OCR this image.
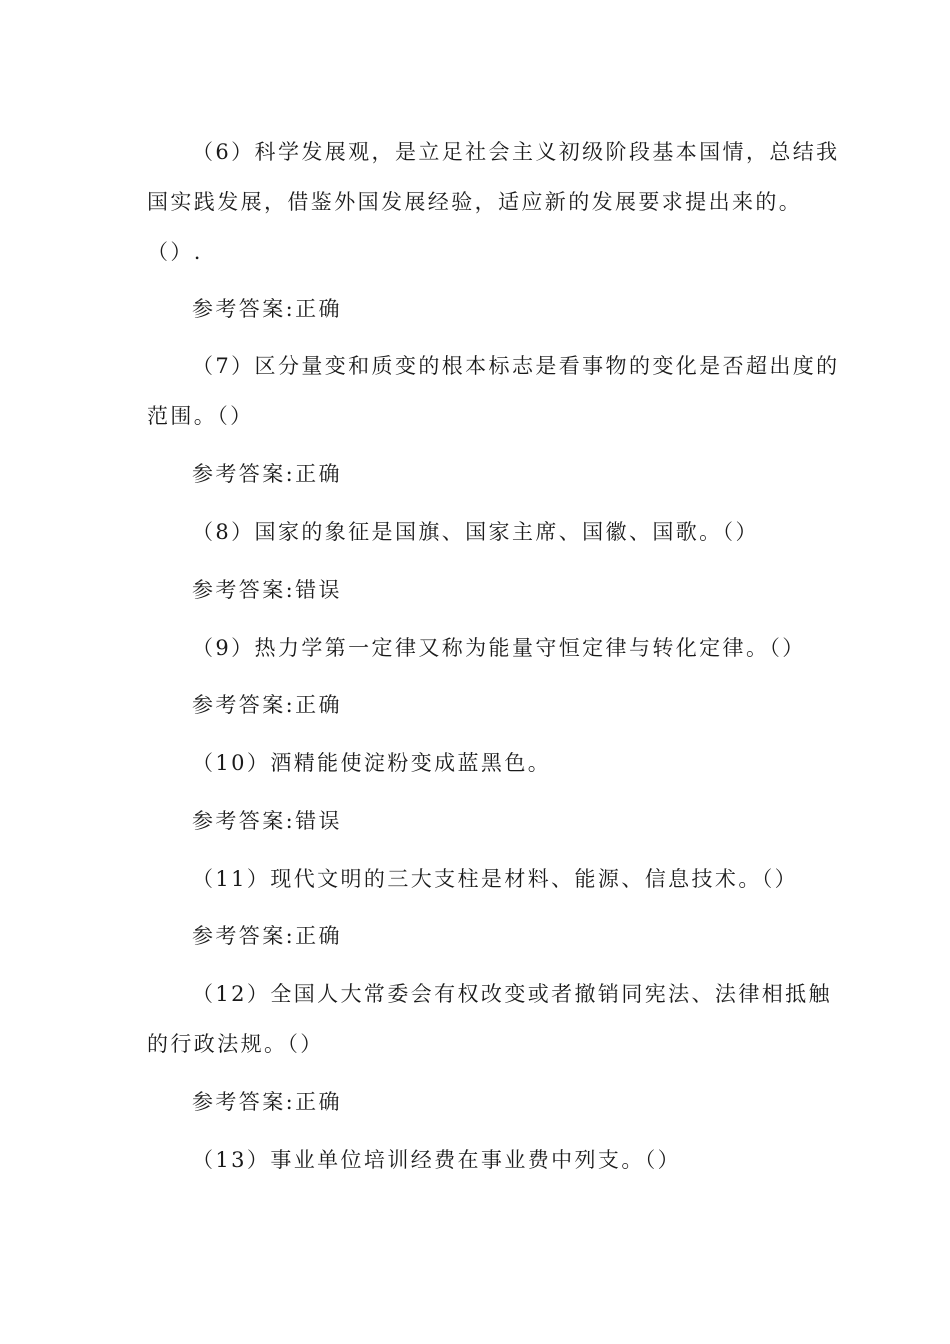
（6）科学发展观，是立足社会主义初级阶段基本国情，总结我
国实践发展，借鉴外国发展经验，适应新的发展要求提出来的。
（）.
参考答案:正确
（7）区分量变和质变的根本标志是看事物的变化是否超出度的
范围。（）
参考答案:正确
（8）国家的象征是国旗、国家主席、国徽、国歌。（）
参考答案:错误
（9）热力学第一定律又称为能量守恒定律与转化定律。（）
参考答案:正确
（10）酒精能使淀粉变成蓝黑色。
参考答案:错误
（11）现代文明的三大支柱是材料、能源、信息技术。（）
参考答案:正确
（12）全国人大常委会有权改变或者撤销同宪法、法律相抵触
的行政法规。（）
参考答案:正确
（13）事业单位培训经费在事业费中列支。（）
